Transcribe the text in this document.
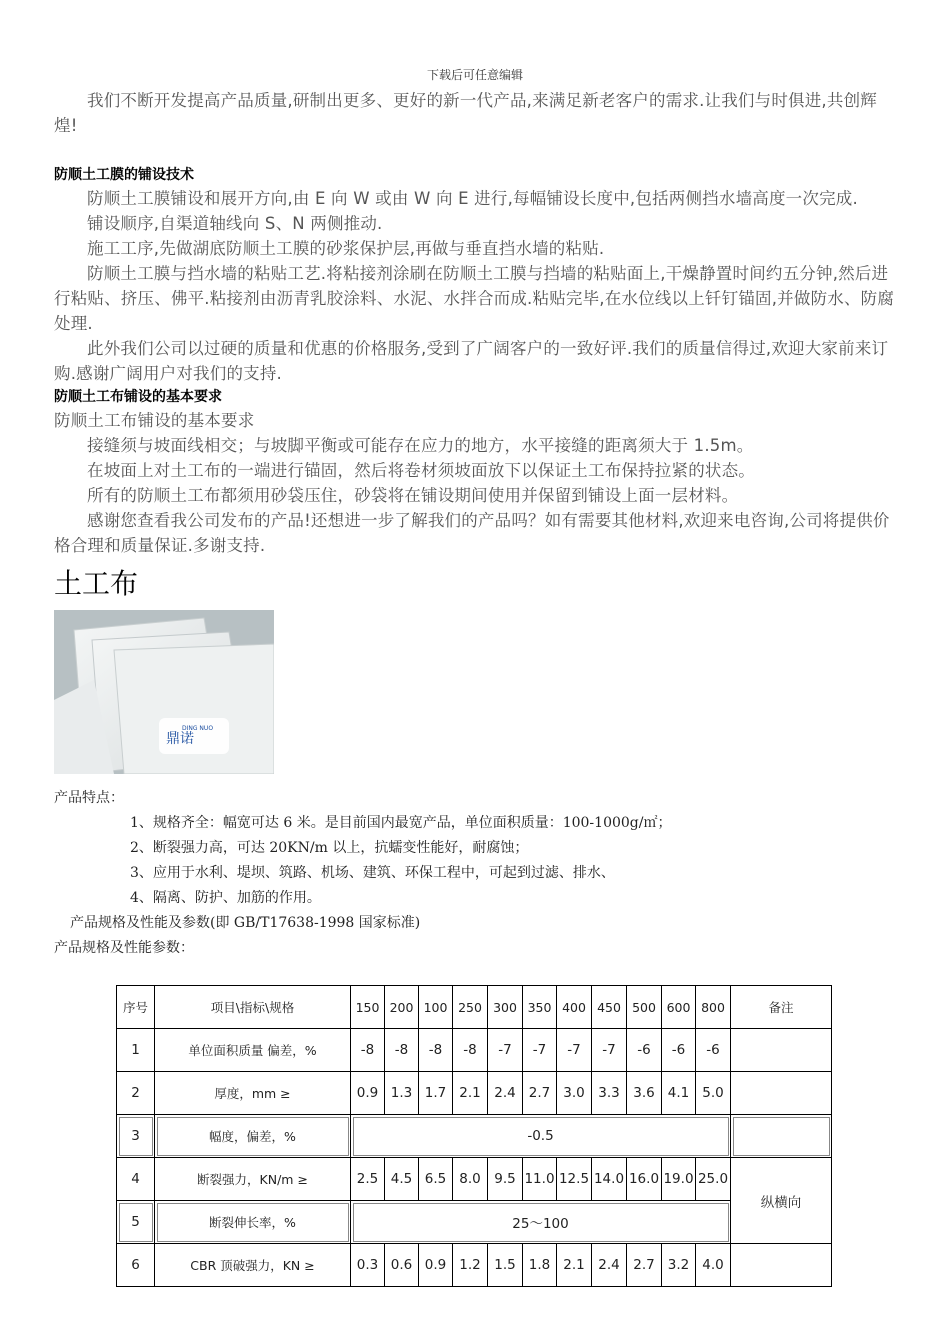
下载后可任意编辑

我们不断开发提高产品质量,研制出更多、更好的新一代产品,来满足新老客户的需求.让我们与时俱进,共创辉煌!

防顺土工膜的铺设技术

防顺土工膜铺设和展开方向,由 E 向 W 或由 W 向 E 进行,每幅铺设长度中,包括两侧挡水墙高度一次完成.

铺设顺序,自渠道轴线向 S、N 两侧推动.

施工工序,先做湖底防顺土工膜的砂浆保护层,再做与垂直挡水墙的粘贴.

防顺土工膜与挡水墙的粘贴工艺.将粘接剂涂刷在防顺土工膜与挡墙的粘贴面上,干燥静置时间约五分钟,然后进行粘贴、挤压、佛平.粘接剂由沥青乳胶涂料、水泥、水拌合而成.粘贴完毕,在水位线以上钎钉锚固,并做防水、防腐处理.

此外我们公司以过硬的质量和优惠的价格服务,受到了广阔客户的一致好评.我们的质量信得过,欢迎大家前来订购.感谢广阔用户对我们的支持.

防顺土工布铺设的基本要求

防顺土工布铺设的基本要求

接缝须与坡面线相交；与坡脚平衡或可能存在应力的地方，水平接缝的距离须大于 1.5m。

在坡面上对土工布的一端进行锚固，然后将卷材须坡面放下以保证土工布保持拉紧的状态。

所有的防顺土工布都须用砂袋压住，砂袋将在铺设期间使用并保留到铺设上面一层材料。

感谢您查看我公司发布的产品!还想进一步了解我们的产品吗？如有需要其他材料,欢迎来电咨询,公司将提供价格合理和质量保证.多谢支持.

土工布

鼎诺
DING NUO

产品特点：

1、规格齐全：幅宽可达 6 米。是目前国内最宽产品，单位面积质量：100-1000g/㎡；

2、断裂强力高，可达 20KN/m 以上，抗蠕变性能好，耐腐蚀；

3、应用于水利、堤坝、筑路、机场、建筑、环保工程中，可起到过滤、排水、

4、隔离、防护、加筋的作用。

产品规格及性能及参数(即 GB/T17638-1998 国家标准)

产品规格及性能参数：

序号	项目\指标\规格	150	200	100	250	300	350	400	450	500	600	800	备注
1	单位面积质量 偏差，%	-8	-8	-8	-8	-7	-7	-7	-7	-6	-6	-6	
2	厚度，mm ≥	0.9	1.3	1.7	2.1	2.4	2.7	3.0	3.3	3.6	4.1	5.0	
3	幅度，偏差，%	-0.5											
4	断裂强力，KN/m ≥	2.5	4.5	6.5	8.0	9.5	11.0	12.5	14.0	16.0	19.0	25.0	纵横向
5	断裂伸长率，%	25～100											
6	CBR 顶破强力，KN ≥	0.3	0.6	0.9	1.2	1.5	1.8	2.1	2.4	2.7	3.2	4.0	
